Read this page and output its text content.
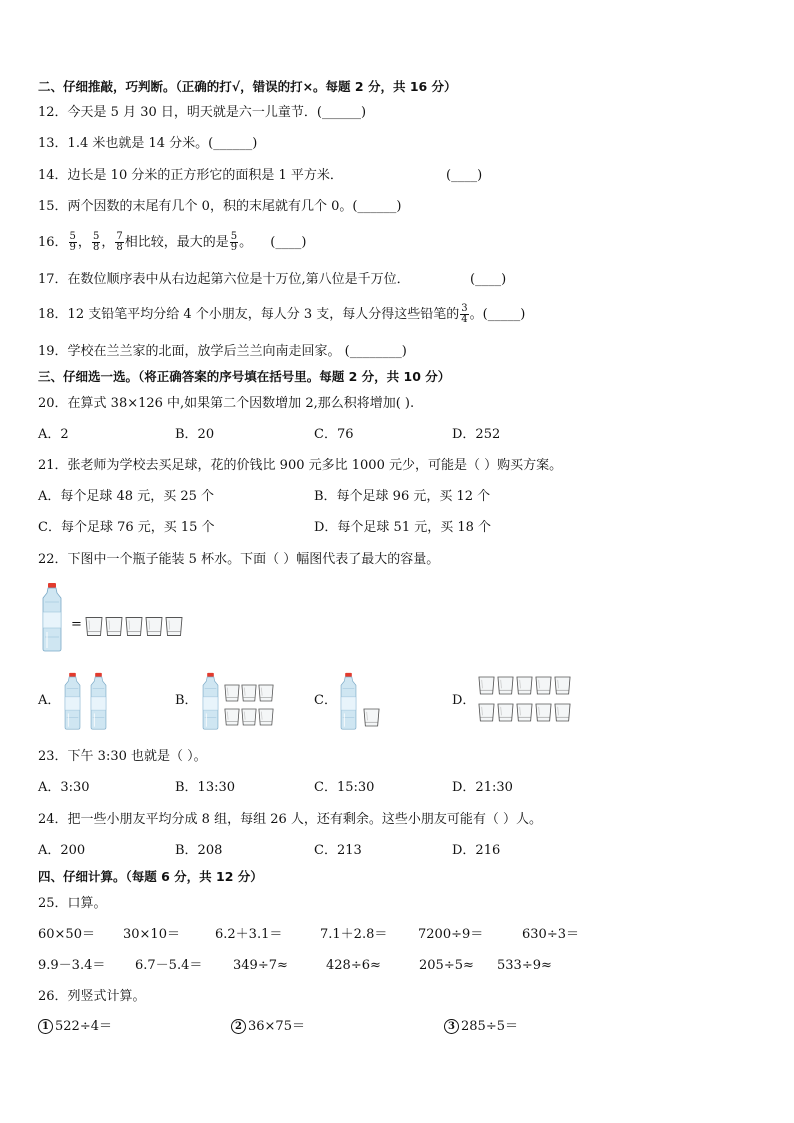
二、仔细推敲，巧判断。（正确的打√，错误的打×。每题 2 分，共 16 分）
12．今天是 5 月 30 日，明天就是六一儿童节．(______)
13．1.4 米也就是 14 分米。(______)
14．边长是 10 分米的正方形它的面积是 1 平方米．	(____)
15．两个因数的末尾有几个 0，积的末尾就有几个 0。(______)
16． $\frac{5}{9}$ ， $\frac{5}{8}$ ， $\frac{7}{8}$ 相比较，最大的是 $\frac{5}{9}$ 。 (____)
17．在数位顺序表中从右边起第六位是十万位,第八位是千万位．	(____)
18．12 支铅笔平均分给 4 个小朋友，每人分 3 支，每人分得这些铅笔的 $\frac{3}{4}$ 。(_____)
19．学校在兰兰家的北面，放学后兰兰向南走回家。 (________)
三、仔细选一选。（将正确答案的序号填在括号里。每题 2 分，共 10 分）
20．在算式 38×126 中,如果第二个因数增加 2,那么积将增加( ).
A．2	B．20	C．76	D．252
21．张老师为学校去买足球，花的价钱比 900 元多比 1000 元少，可能是（ ）购买方案。
A．每个足球 48 元，买 25 个	B．每个足球 96 元，买 12 个
C．每个足球 76 元，买 15 个	D．每个足球 51 元，买 18 个
22．下图中一个瓶子能装 5 杯水。下面（ ）幅图代表了最大的容量。
=
A．	B．	C．	D．
23．下午 3:30 也就是（ ）。
A．3:30	B．13:30	C．15:30	D．21:30
24．把一些小朋友平均分成 8 组，每组 26 人，还有剩余。这些小朋友可能有（ ）人。
A．200	B．208	C．213	D．216
四、仔细计算。（每题 6 分，共 12 分）
25．口算。
60×50＝ 30×10＝	6.2＋3.1＝	7.1＋2.8＝ 7200÷9＝	630÷3＝
9.9－3.4＝ 6.7－5.4＝ 349÷7≈	428÷6≈	205÷5≈ 533÷9≈
26．列竖式计算。
1 522÷4＝	2 36×75＝	3 285÷5＝
